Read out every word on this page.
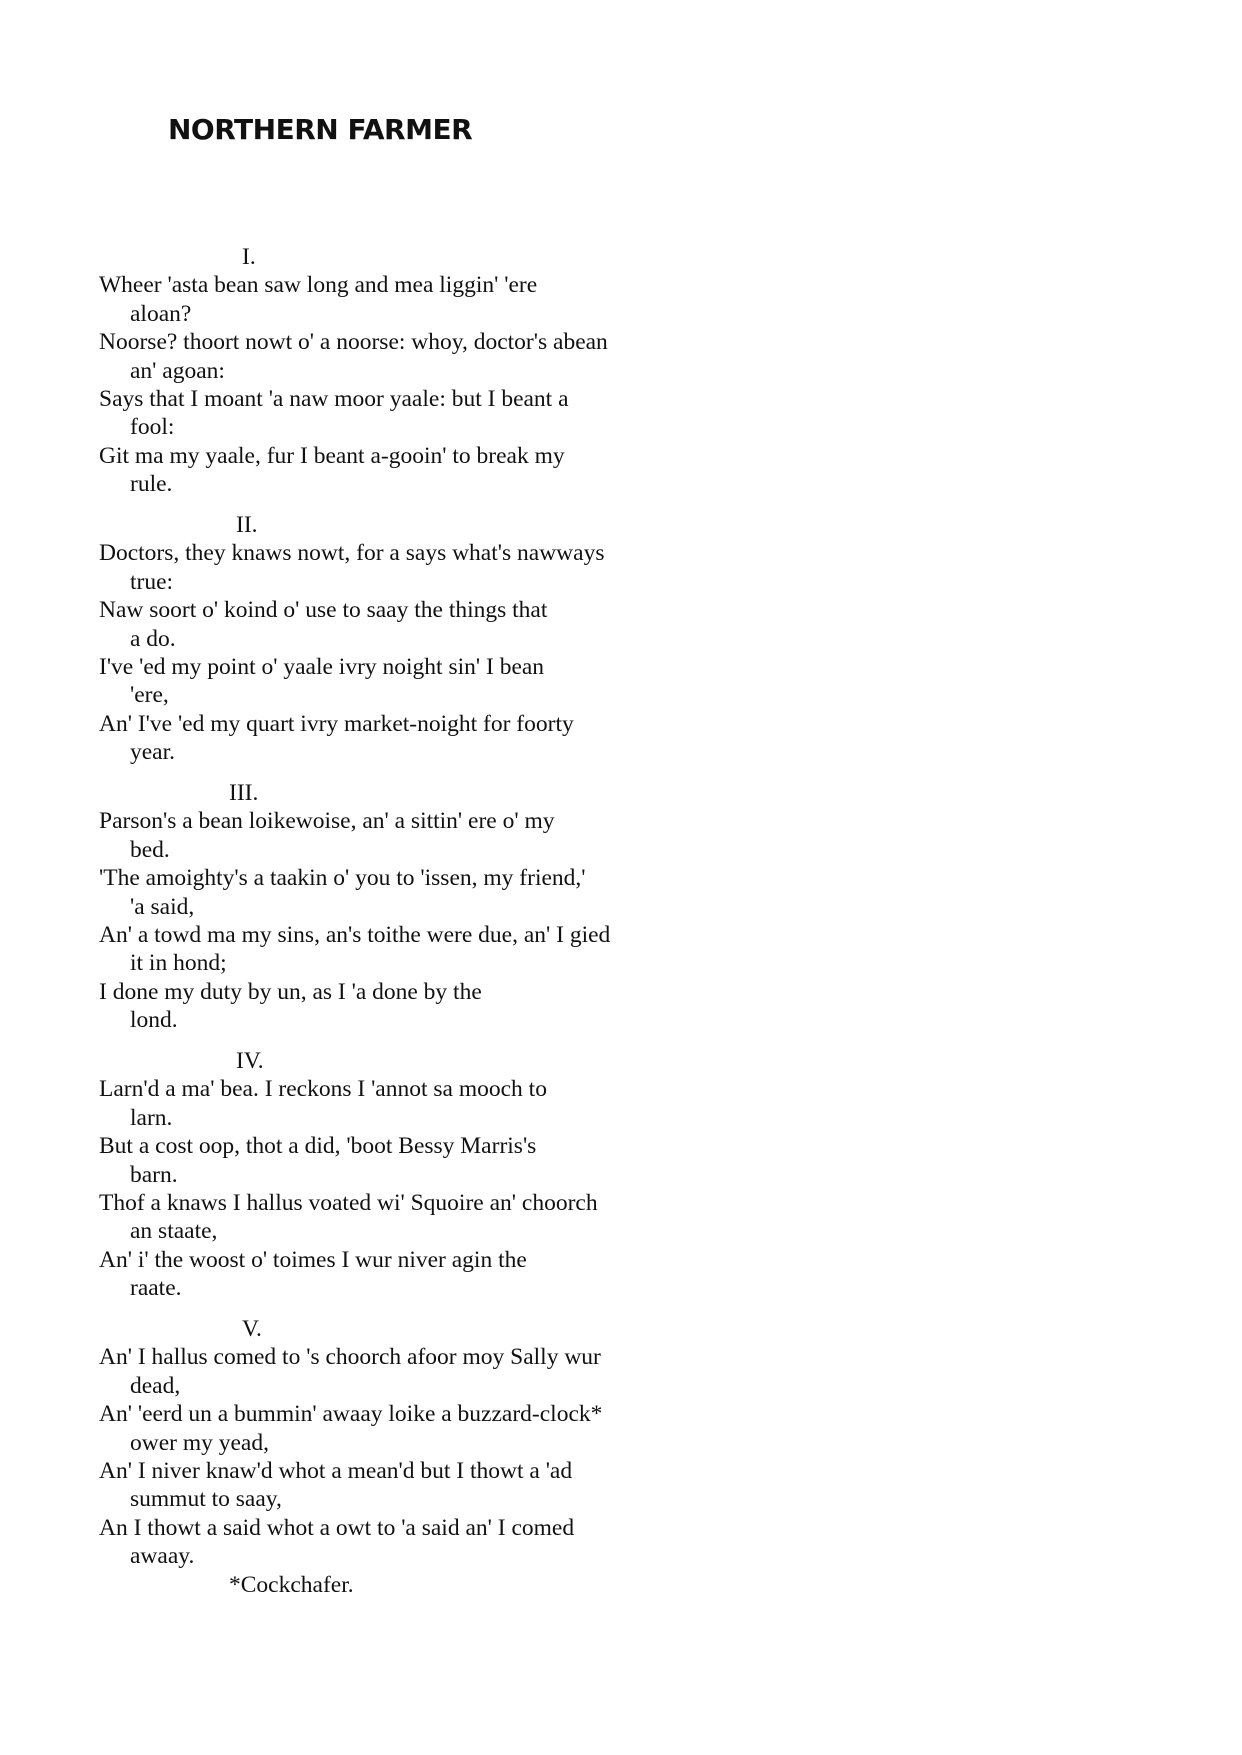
NORTHERN FARMER
I.
Wheer 'asta bean saw long and mea liggin' 'ere
aloan?
Noorse? thoort nowt o' a noorse: whoy, doctor's abean
an' agoan:
Says that I moant 'a naw moor yaale: but I beant a
fool:
Git ma my yaale, fur I beant a-gooin' to break my
rule.
II.
Doctors, they knaws nowt, for a says what's nawways
true:
Naw soort o' koind o' use to saay the things that
a do.
I've 'ed my point o' yaale ivry noight sin' I bean
'ere,
An' I've 'ed my quart ivry market-noight for foorty
year.
III.
Parson's a bean loikewoise, an' a sittin' ere o' my
bed.
'The amoighty's a taakin o' you to 'issen, my friend,'
'a said,
An' a towd ma my sins, an's toithe were due, an' I gied
it in hond;
I done my duty by un, as I 'a done by the
lond.
IV.
Larn'd a ma' bea. I reckons I 'annot sa mooch to
larn.
But a cost oop, thot a did, 'boot Bessy Marris's
barn.
Thof a knaws I hallus voated wi' Squoire an' choorch
an staate,
An' i' the woost o' toimes I wur niver agin the
raate.
V.
An' I hallus comed to 's choorch afoor moy Sally wur
dead,
An' 'eerd un a bummin' awaay loike a buzzard-clock*
ower my yead,
An' I niver knaw'd whot a mean'd but I thowt a 'ad
summut to saay,
An I thowt a said whot a owt to 'a said an' I comed
awaay.
*Cockchafer.
